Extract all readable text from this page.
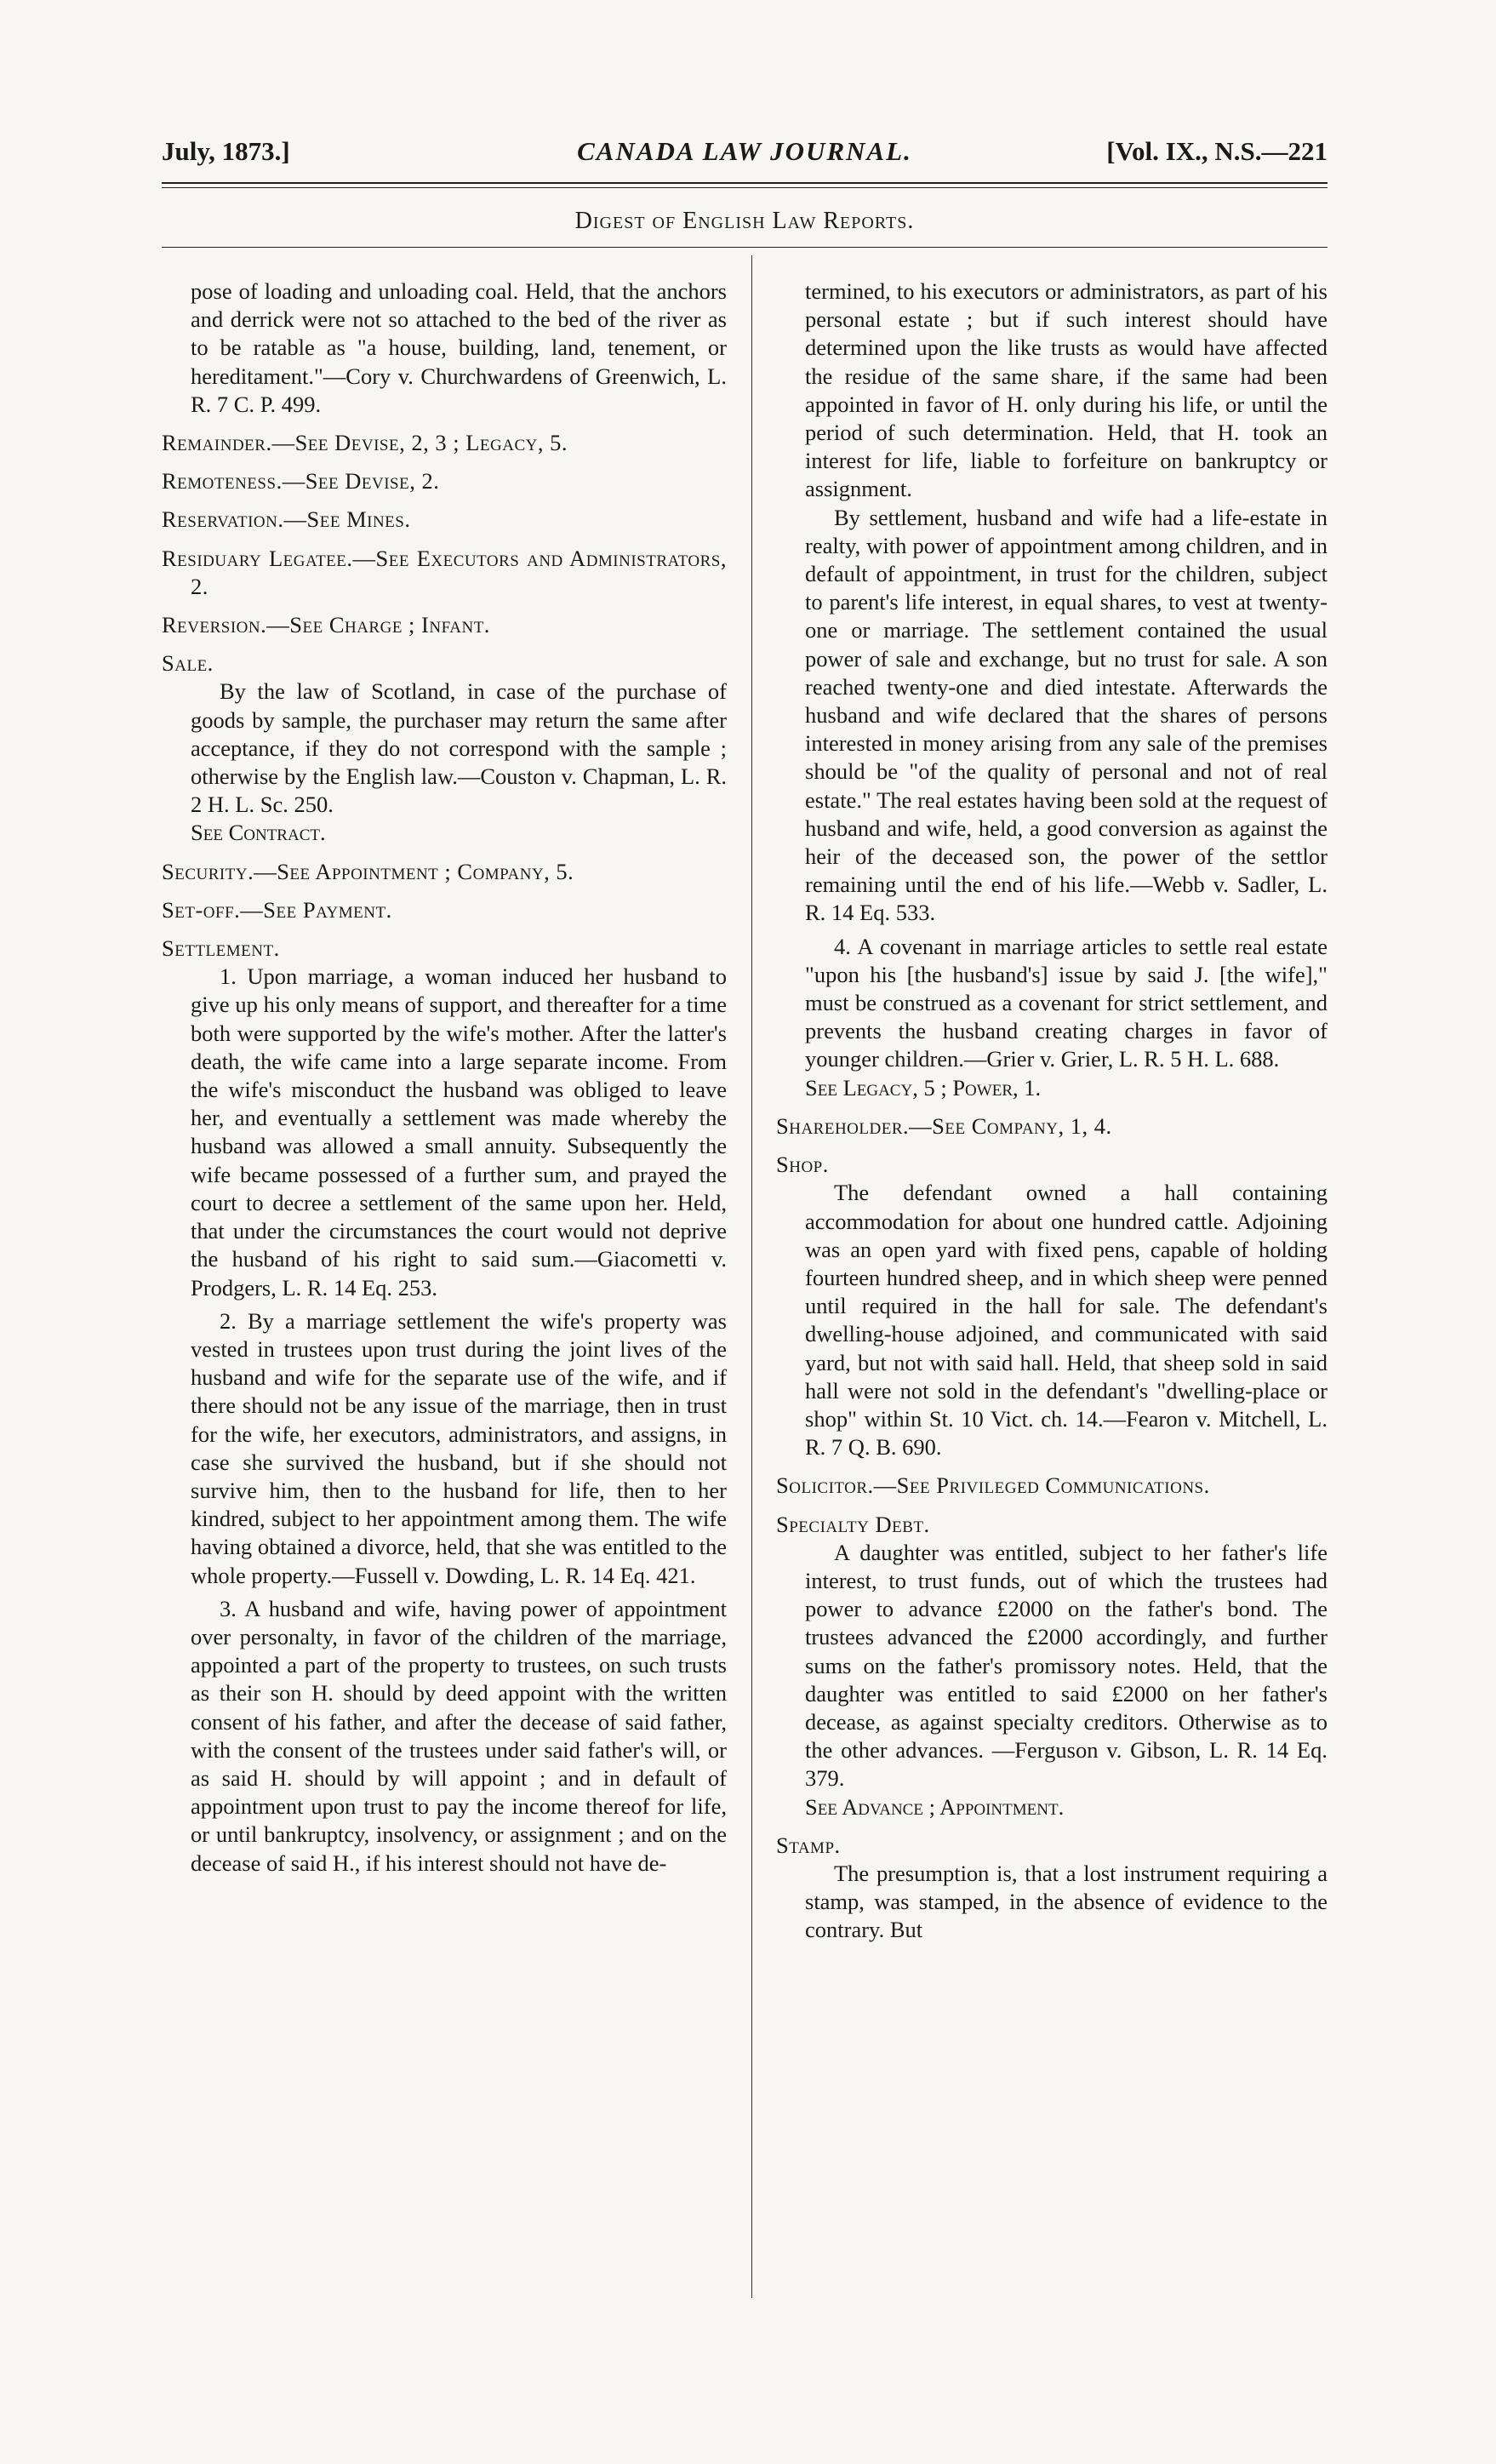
July, 1873.]	CANADA LAW JOURNAL.	[Vol. IX., N.S.—221
Digest of English Law Reports.

pose of loading and unloading coal. Held, that the anchors and derrick were not so attached to the bed of the river as to be ratable as "a house, building, land, tenement, or hereditament."—Cory v. Churchwardens of Greenwich, L. R. 7 C. P. 499.

Remainder.—See Devise, 2, 3 ; Legacy, 5.

Remoteness.—See Devise, 2.

Reservation.—See Mines.

Residuary Legatee.—See Executors and Administrators, 2.

Reversion.—See Charge ; Infant.

Sale.

By the law of Scotland, in case of the purchase of goods by sample, the purchaser may return the same after acceptance, if they do not correspond with the sample ; otherwise by the English law.—Couston v. Chapman, L. R. 2 H. L. Sc. 250.

See Contract.

Security.—See Appointment ; Company, 5.

Set-off.—See Payment.

Settlement.

1. Upon marriage, a woman induced her husband to give up his only means of support, and thereafter for a time both were supported by the wife's mother. After the latter's death, the wife came into a large separate income. From the wife's misconduct the husband was obliged to leave her, and eventually a settlement was made whereby the husband was allowed a small annuity. Subsequently the wife became possessed of a further sum, and prayed the court to decree a settlement of the same upon her. Held, that under the circumstances the court would not deprive the husband of his right to said sum.—Giacometti v. Prodgers, L. R. 14 Eq. 253.

2. By a marriage settlement the wife's property was vested in trustees upon trust during the joint lives of the husband and wife for the separate use of the wife, and if there should not be any issue of the marriage, then in trust for the wife, her executors, administrators, and assigns, in case she survived the husband, but if she should not survive him, then to the husband for life, then to her kindred, subject to her appointment among them. The wife having obtained a divorce, held, that she was entitled to the whole property.—Fussell v. Dowding, L. R. 14 Eq. 421.

3. A husband and wife, having power of appointment over personalty, in favor of the children of the marriage, appointed a part of the property to trustees, on such trusts as their son H. should by deed appoint with the written consent of his father, and after the decease of said father, with the consent of the trustees under said father's will, or as said H. should by will appoint ; and in default of appointment upon trust to pay the income thereof for life, or until bankruptcy, insolvency, or assignment ; and on the decease of said H., if his interest should not have de-

termined, to his executors or administrators, as part of his personal estate ; but if such interest should have determined upon the like trusts as would have affected the residue of the same share, if the same had been appointed in favor of H. only during his life, or until the period of such determination. Held, that H. took an interest for life, liable to forfeiture on bankruptcy or assignment.

By settlement, husband and wife had a life-estate in realty, with power of appointment among children, and in default of appointment, in trust for the children, subject to parent's life interest, in equal shares, to vest at twenty-one or marriage. The settlement contained the usual power of sale and exchange, but no trust for sale. A son reached twenty-one and died intestate. Afterwards the husband and wife declared that the shares of persons interested in money arising from any sale of the premises should be "of the quality of personal and not of real estate." The real estates having been sold at the request of husband and wife, held, a good conversion as against the heir of the deceased son, the power of the settlor remaining until the end of his life.—Webb v. Sadler, L. R. 14 Eq. 533.

4. A covenant in marriage articles to settle real estate "upon his [the husband's] issue by said J. [the wife]," must be construed as a covenant for strict settlement, and prevents the husband creating charges in favor of younger children.—Grier v. Grier, L. R. 5 H. L. 688.

See Legacy, 5 ; Power, 1.

Shareholder.—See Company, 1, 4.

Shop.

The defendant owned a hall containing accommodation for about one hundred cattle. Adjoining was an open yard with fixed pens, capable of holding fourteen hundred sheep, and in which sheep were penned until required in the hall for sale. The defendant's dwelling-house adjoined, and communicated with said yard, but not with said hall. Held, that sheep sold in said hall were not sold in the defendant's "dwelling-place or shop" within St. 10 Vict. ch. 14.—Fearon v. Mitchell, L. R. 7 Q. B. 690.

Solicitor.—See Privileged Communications.

Specialty Debt.

A daughter was entitled, subject to her father's life interest, to trust funds, out of which the trustees had power to advance £2000 on the father's bond. The trustees advanced the £2000 accordingly, and further sums on the father's promissory notes. Held, that the daughter was entitled to said £2000 on her father's decease, as against specialty creditors. Otherwise as to the other advances. —Ferguson v. Gibson, L. R. 14 Eq. 379.

See Advance ; Appointment.

Stamp.

The presumption is, that a lost instrument requiring a stamp, was stamped, in the absence of evidence to the contrary. But
